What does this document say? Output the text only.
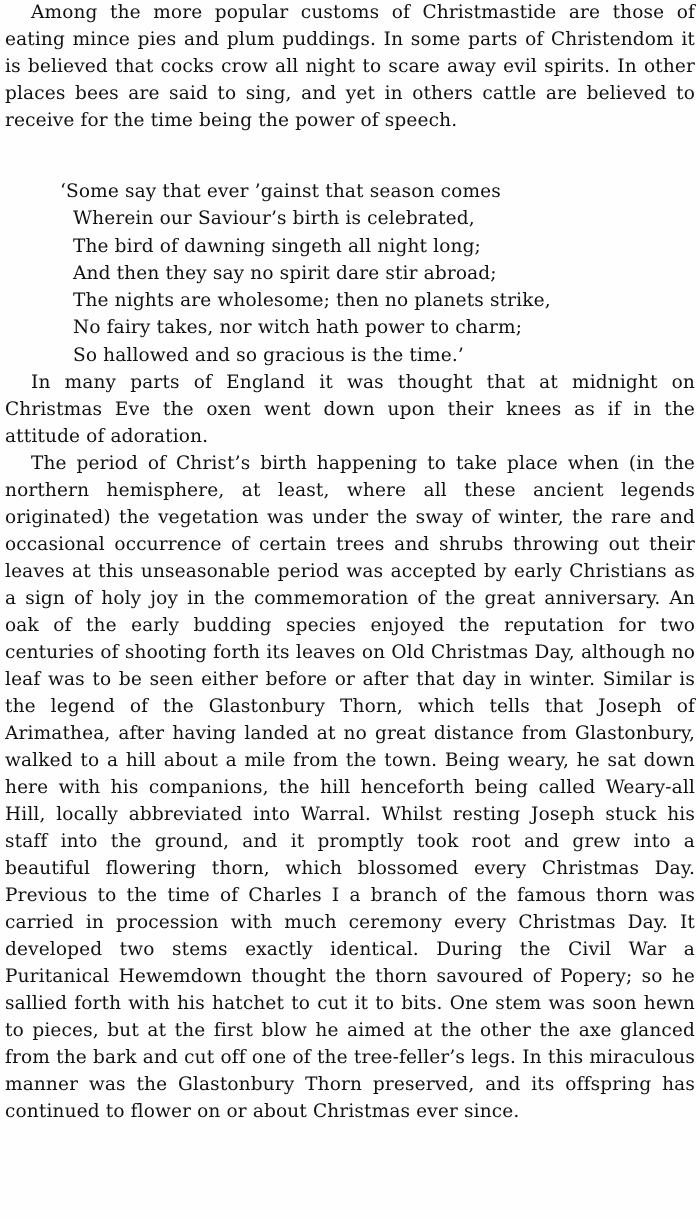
Among the more popular customs of Christmastide are those of eating mince pies and plum puddings. In some parts of Christendom it is believed that cocks crow all night to scare away evil spirits. In other places bees are said to sing, and yet in others cattle are believed to receive for the time being the power of speech.

‘Some say that ever ’gainst that season comes
Wherein our Saviour’s birth is celebrated,
The bird of dawning singeth all night long;
And then they say no spirit dare stir abroad;
The nights are wholesome; then no planets strike,
No fairy takes, nor witch hath power to charm;
So hallowed and so gracious is the time.’

In many parts of England it was thought that at midnight on Christmas Eve the oxen went down upon their knees as if in the attitude of adoration.

The period of Christ’s birth happening to take place when (in the northern hemisphere, at least, where all these ancient legends originated) the vegetation was under the sway of winter, the rare and occasional occurrence of certain trees and shrubs throwing out their leaves at this unseasonable period was accepted by early Christians as a sign of holy joy in the commemoration of the great anniversary. An oak of the early budding species enjoyed the reputation for two centuries of shooting forth its leaves on Old Christmas Day, although no leaf was to be seen either before or after that day in winter. Similar is the legend of the Glastonbury Thorn, which tells that Joseph of Arimathea, after having landed at no great distance from Glastonbury, walked to a hill about a mile from the town. Being weary, he sat down here with his companions, the hill henceforth being called Weary-all Hill, locally abbreviated into Warral. Whilst resting Joseph stuck his staff into the ground, and it promptly took root and grew into a beautiful flowering thorn, which blossomed every Christmas Day. Previous to the time of Charles I a branch of the famous thorn was carried in procession with much ceremony every Christmas Day. It developed two stems exactly identical. During the Civil War a Puritanical Hewemdown thought the thorn savoured of Popery; so he sallied forth with his hatchet to cut it to bits. One stem was soon hewn to pieces, but at the first blow he aimed at the other the axe glanced from the bark and cut off one of the tree-feller’s legs. In this miraculous manner was the Glastonbury Thorn preserved, and its offspring has continued to flower on or about Christmas ever since.
